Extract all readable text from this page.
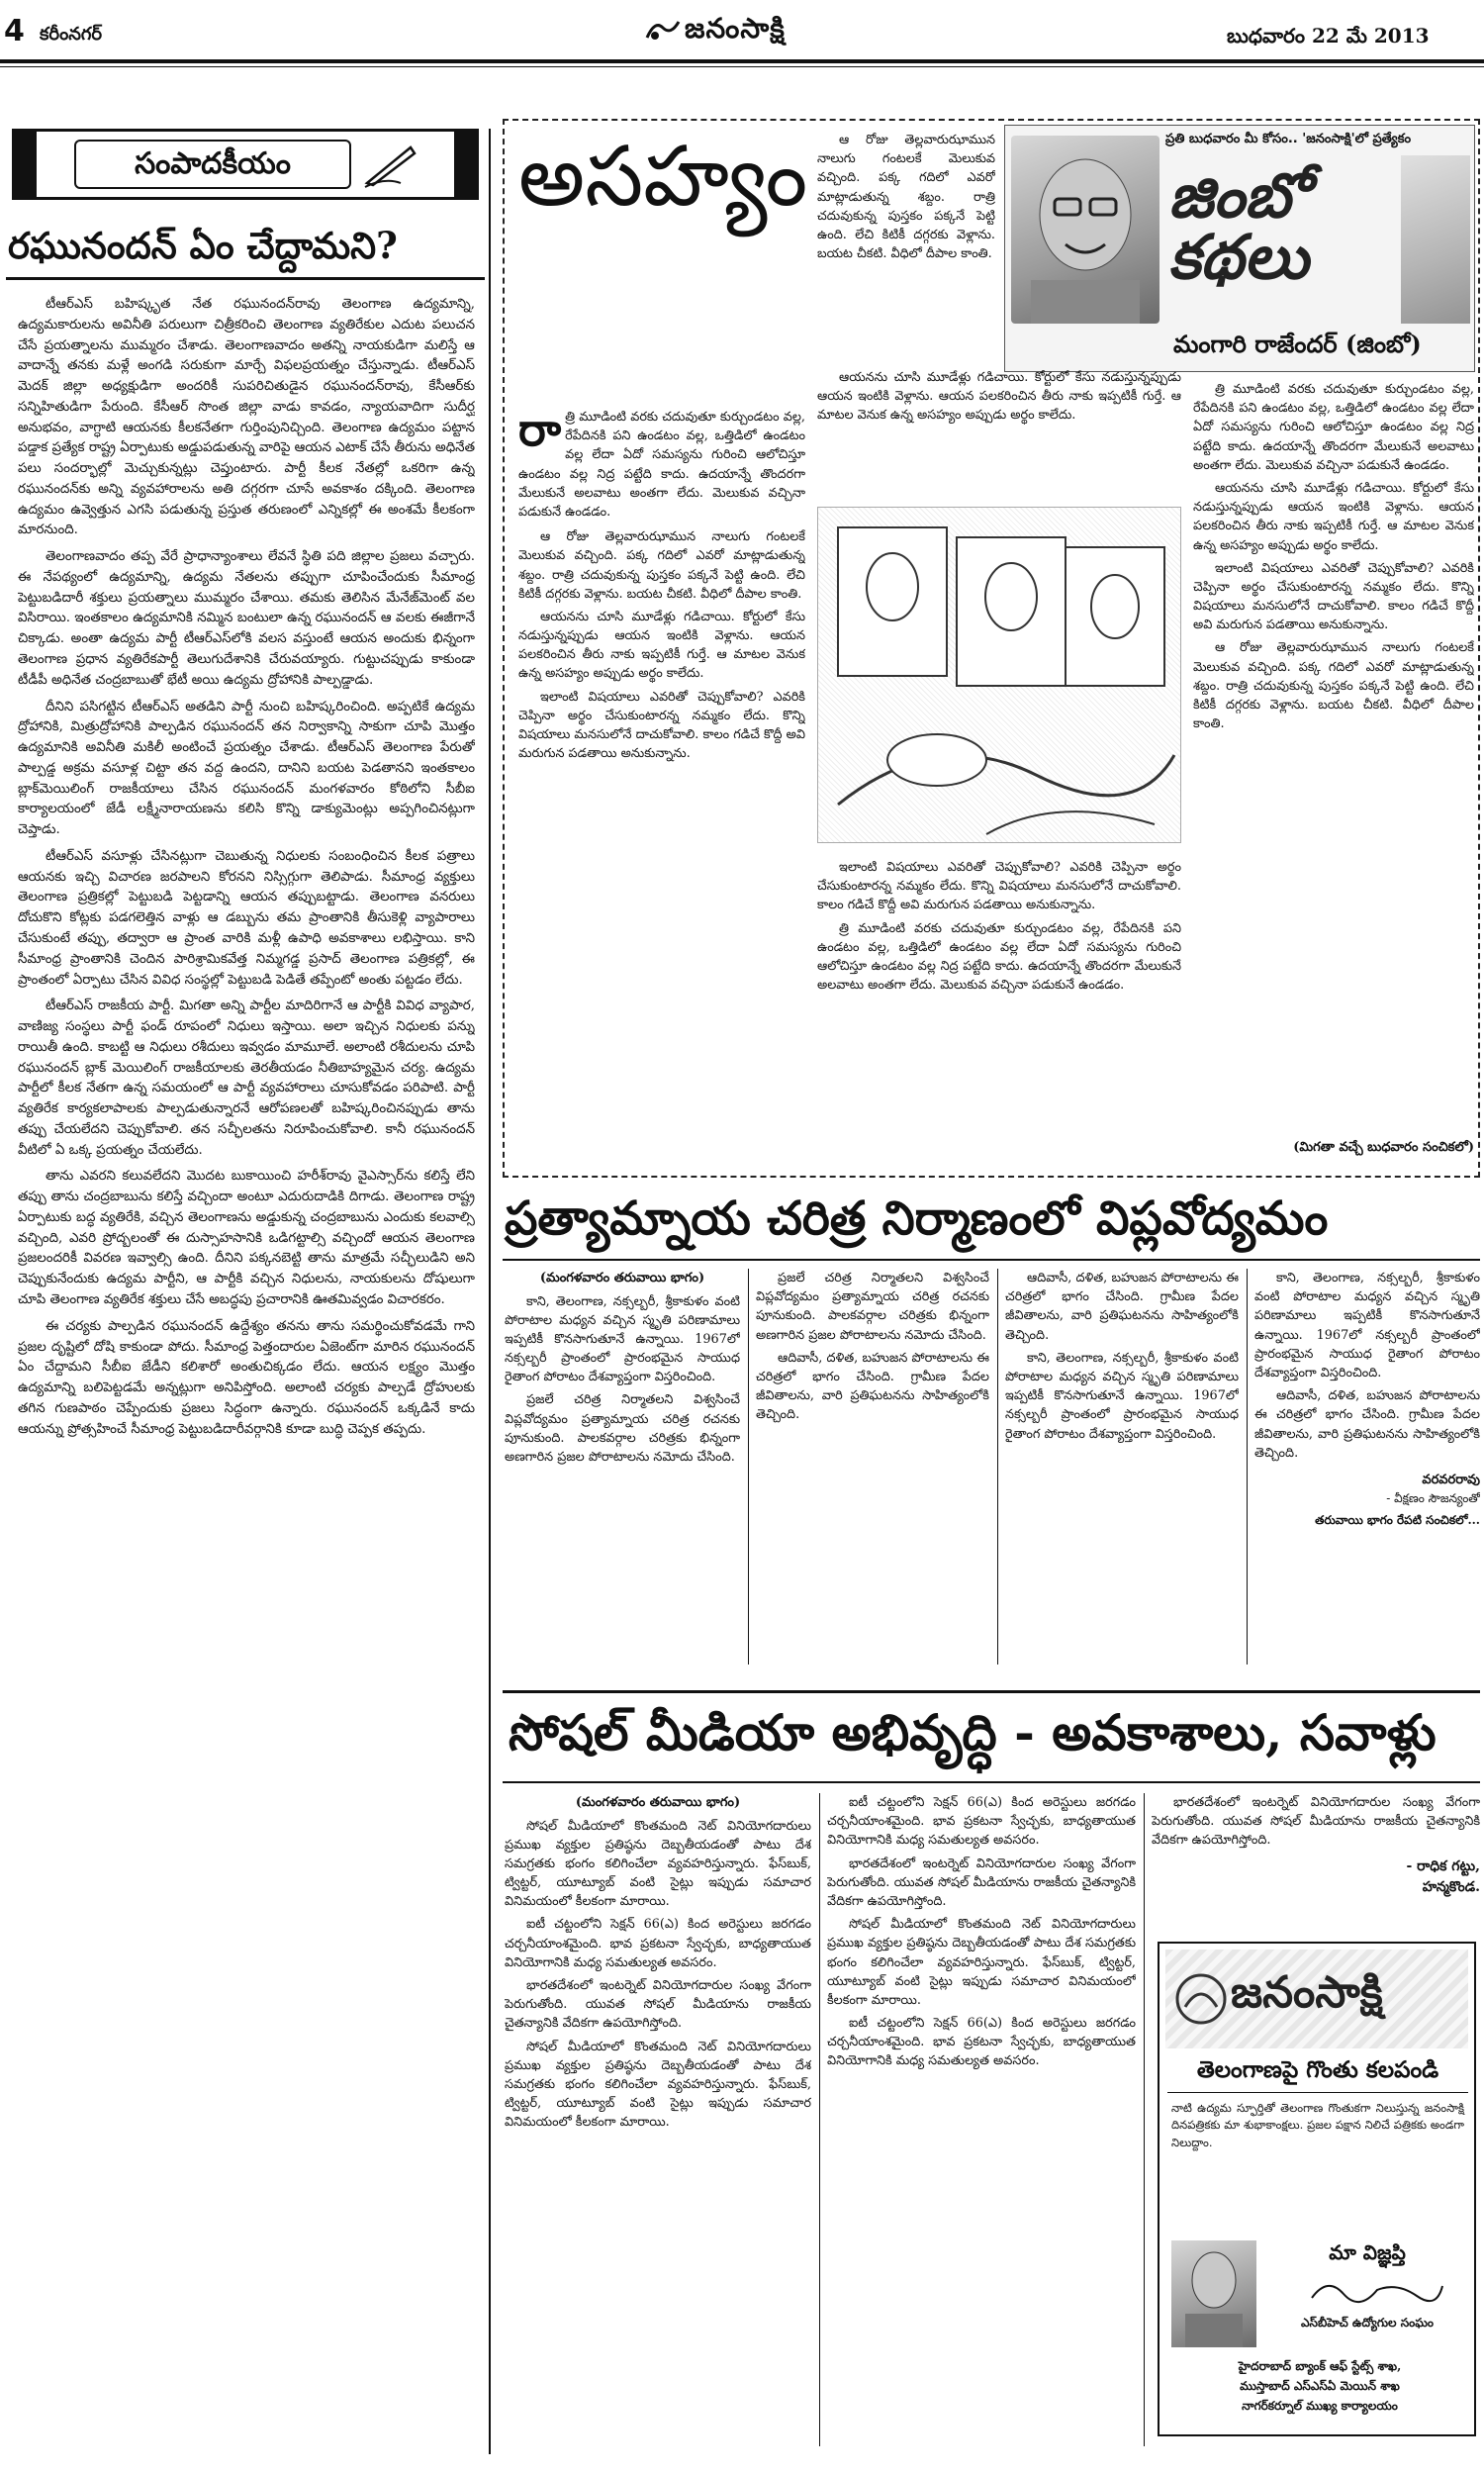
4 కరీంనగర్	జనంసాక్షి	బుధవారం 22 మే 2013
సంపాదకీయం
రఘునందన్‌ ఏం చేద్దామని?

టీఆర్‌ఎస్‌ బహిష్కృత నేత రఘునందన్‌రావు తెలంగాణ ఉద్యమాన్ని, ఉద్యమకారులను అవినీతి పరులుగా చిత్రీకరించి తెలంగాణ వ్యతిరేకుల ఎదుట పలుచన చేసే ప్రయత్నాలను ముమ్మరం చేశాడు. తెలంగాణవాదం అతన్ని నాయకుడిగా మలిస్తే ఆ వాదాన్నే తనకు మళ్లే అంగడి సరుకుగా మార్చే విఫలప్రయత్నం చేస్తున్నాడు. టీఆర్‌ఎస్‌ మెదక్‌ జిల్లా అధ్యక్షుడిగా అందరికీ సుపరిచితుడైన రఘునందన్‌రావు, కేసీఆర్‌కు సన్నిహితుడిగా పేరుంది. కేసీఆర్‌ సొంత జిల్లా వాడు కావడం, న్యాయవాదిగా సుదీర్ఘ అనుభవం, వాగ్ధాటి ఆయనకు కీలకనేతగా గుర్తింపునిచ్చింది. తెలంగాణ ఉద్యమం పట్టాన పడ్డాక ప్రత్యేక రాష్ట్ర ఏర్పాటుకు అడ్డుపడుతున్న వారిపై ఆయన ఎటాక్‌ చేసే తీరును అధినేత పలు సందర్భాల్లో మెచ్చుకున్నట్లు చెప్తుంటారు. పార్టీ కీలక నేతల్లో ఒకరిగా ఉన్న రఘునందన్‌కు అన్ని వ్యవహారాలను అతి దగ్గరగా చూసే అవకాశం దక్కింది. తెలంగాణ ఉద్యమం ఉవ్వెత్తున ఎగసి పడుతున్న ప్రస్తుత తరుణంలో ఎన్నికల్లో ఈ అంశమే కీలకంగా మారనుంది.

తెలంగాణవాదం తప్ప వేరే ప్రాధాన్యాంశాలు లేవనే స్థితి పది జిల్లాల ప్రజలు వచ్చారు. ఈ నేపథ్యంలో ఉద్యమాన్ని, ఉద్యమ నేతలను తప్పుగా చూపించేందుకు సీమాంధ్ర పెట్టుబడిదారీ శక్తులు ప్రయత్నాలు ముమ్మరం చేశాయి. తమకు తెలిసిన మేనేజ్‌మెంట్‌ వల విసిరాయి. ఇంతకాలం ఉద్యమానికి నమ్మిన బంటులా ఉన్న రఘునందన్‌ ఆ వలకు ఈజీగానే చిక్కాడు. అంతా ఉద్యమ పార్టీ టీఆర్‌ఎస్‌లోకి వలస వస్తుంటే ఆయన అందుకు భిన్నంగా తెలంగాణ ప్రధాన వ్యతిరేకపార్టీ తెలుగుదేశానికి చేరువయ్యారు. గుట్టుచప్పుడు కాకుండా టీడీపీ అధినేత చంద్రబాబుతో భేటీ అయి ఉద్యమ ద్రోహానికి పాల్పడ్డాడు.

దీనిని పసిగట్టిన టీఆర్‌ఎస్‌ అతడిని పార్టీ నుంచి బహిష్కరించింది. అప్పటికే ఉద్యమ ద్రోహానికి, మిత్రుద్రోహానికి పాల్పడిన రఘునందన్‌ తన నిర్వాకాన్ని సాకుగా చూపి మొత్తం ఉద్యమానికి అవినీతి మకిలీ అంటించే ప్రయత్నం చేశాడు. టీఆర్‌ఎస్‌ తెలంగాణ పేరుతో పాల్పడ్డ అక్రమ వసూళ్ల చిట్టా తన వద్ద ఉందని, దానిని బయట పెడతానని ఇంతకాలం బ్లాక్‌మెయిలింగ్‌ రాజకీయాలు చేసిన రఘునందన్‌ మంగళవారం కోఠిలోని సీబీఐ కార్యాలయంలో జేడీ లక్ష్మీనారాయణను కలిసి కొన్ని డాక్యుమెంట్లు అప్పగించినట్లుగా చెప్తాడు.

టీఆర్‌ఎస్‌ వసూళ్లు చేసినట్లుగా చెబుతున్న నిధులకు సంబంధించిన కీలక పత్రాలు ఆయనకు ఇచ్చి విచారణ జరపాలని కోరనని నిస్సిగ్గుగా తెలిపాడు. సీమాంధ్ర వ్యక్తులు తెలంగాణ ప్రత్రికల్లో పెట్టుబడి పెట్టడాన్ని ఆయన తప్పుబట్టాడు. తెలంగాణ వనరులు దోచుకొని కోట్లకు పడగలెత్తిన వాళ్లు ఆ డబ్బును తమ ప్రాంతానికి తీసుకెళ్లి వ్యాపారాలు చేసుకుంటే తప్పు, తద్వారా ఆ ప్రాంత వారికి మళ్లీ ఉపాధి అవకాశాలు లభిస్తాయి. కాని సీమాంధ్ర ప్రాంతానికి చెందిన పారిశ్రామికవేత్త నిమ్మగడ్డ ప్రసాద్‌ తెలంగాణ పత్రికల్లో, ఈ ప్రాంతంలో ఏర్పాటు చేసిన వివిధ సంస్థల్లో పెట్టుబడి పెడితే తప్పేంటో అంతు పట్టడం లేదు.

టీఆర్‌ఎస్‌ రాజకీయ పార్టీ. మిగతా అన్ని పార్టీల మాదిరిగానే ఆ పార్టీకి వివిధ వ్యాపార, వాణిజ్య సంస్థలు పార్టీ ఫండ్‌ రూపంలో నిధులు ఇస్తాయి. అలా ఇచ్చిన నిధులకు పన్ను రాయితీ ఉంది. కాబట్టి ఆ నిధులు రశీదులు ఇవ్వడం మామూలే. అలాంటి రశీదులను చూపి రఘునందన్‌ బ్లాక్‌ మెయిలింగ్‌ రాజకీయాలకు తెరతీయడం నీతిబాహ్యమైన చర్య. ఉద్యమ పార్టీలో కీలక నేతగా ఉన్న సమయంలో ఆ పార్టీ వ్యవహారాలు చూసుకోవడం పరిపాటి. పార్టీ వ్యతిరేక కార్యకలాపాలకు పాల్పడుతున్నారనే ఆరోపణలతో బహిష్కరించినప్పుడు తాను తప్పు చేయలేదని చెప్పుకోవాలి. తన సచ్ఛీలతను నిరూపించుకోవాలి. కానీ రఘునందన్‌ వీటిలో ఏ ఒక్క ప్రయత్నం చేయలేదు.

తాను ఎవరని కలువలేదని మొదట బుకాయించి హరీశ్‌రావు వైఎస్సార్‌ను కలిస్తే లేని తప్పు తాను చంద్రబాబును కలిస్తే వచ్చిందా అంటూ ఎదురుదాడికి దిగాడు. తెలంగాణ రాష్ట్ర ఏర్పాటుకు బద్ధ వ్యతిరేకి, వచ్చిన తెలంగాణను అడ్డుకున్న చంద్రబాబును ఎందుకు కలవాల్సి వచ్చింది, ఎవరి ప్రోద్బలంతో ఈ దుస్సాహసానికి ఒడిగట్టాల్సి వచ్చిందో ఆయన తెలంగాణ ప్రజలందరికీ వివరణ ఇవ్వాల్సి ఉంది. దీనిని పక్కనబెట్టి తాను మాత్రమే సచ్ఛీలుడిని అని చెప్పుకునేందుకు ఉద్యమ పార్టీని, ఆ పార్టీకి వచ్చిన నిధులను, నాయకులను దోషులుగా చూపి తెలంగాణ వ్యతిరేక శక్తులు చేసే అబద్ధపు ప్రచారానికి ఊతమివ్వడం విచారకరం.

ఈ చర్యకు పాల్పడిన రఘునందన్‌ ఉద్దేశ్యం తనను తాను సమర్థించుకోవడమే గాని ప్రజల దృష్టిలో దోషి కాకుండా పోదు. సీమాంధ్ర పెత్తందారుల ఏజెంట్‌గా మారిన రఘునందన్‌ ఏం చేద్దామని సీబీఐ జేడీని కలిశారో అంతుచిక్కడం లేదు. ఆయన లక్ష్యం మొత్తం ఉద్యమాన్ని బలిపెట్టడమే అన్నట్లుగా అనిపిస్తోంది. అలాంటి చర్యకు పాల్పడే ద్రోహులకు తగిన గుణపాఠం చెప్పేందుకు ప్రజలు సిద్ధంగా ఉన్నారు. రఘునందన్‌ ఒక్కడినే కాదు ఆయన్ను ప్రోత్సహించే సీమాంధ్ర పెట్టుబడిదారీవర్గానికి కూడా బుద్ధి చెప్పక తప్పదు.

అసహ్యం	ప్రతి బుధవారం మీ కోసం.. 'జనంసాక్షి'లో ప్రత్యేకం
జింబో కథలు
మంగారి రాజేందర్‌ (జింబో)
రా త్రి మూడింటి వరకు చదువుతూ కుర్చుండటం వల్ల, రేపేదినకి పని ఉండటం వల్ల, ఒత్తిడిలో ఉండటం వల్ల లేదా ఏదో సమస్యను గురించి ఆలోచిస్తూ ఉండటం వల్ల నిద్ర పట్టేది కాదు. ఉదయాన్నే తొందరగా మేలుకునే అలవాటు అంతగా లేదు. మెలుకువ వచ్చినా పడుకునే ఉండడం.

ఆ రోజు తెల్లవారుఝామున నాలుగు గంటలకే మెలుకువ వచ్చింది. పక్క గదిలో ఎవరో మాట్లాడుతున్న శబ్దం. రాత్రి చదువుకున్న పుస్తకం పక్కనే పెట్టి ఉంది. లేచి కిటికీ దగ్గరకు వెళ్లాను. బయట చీకటి. వీధిలో దీపాల కాంతి.

ఆయనను చూసి మూడేళ్లు గడిచాయి. కోర్టులో కేసు నడుస్తున్నప్పుడు ఆయన ఇంటికి వెళ్లాను. ఆయన పలకరించిన తీరు నాకు ఇప్పటికీ గుర్తే. ఆ మాటల వెనుక ఉన్న అసహ్యం అప్పుడు అర్థం కాలేదు.

ఇలాంటి విషయాలు ఎవరితో చెప్పుకోవాలి? ఎవరికి చెప్పినా అర్థం చేసుకుంటారన్న నమ్మకం లేదు. కొన్ని విషయాలు మనసులోనే దాచుకోవాలి. కాలం గడిచే కొద్దీ అవి మరుగున పడతాయి అనుకున్నాను.

ఆ రోజు తెల్లవారుఝామున నాలుగు గంటలకే మెలుకువ వచ్చింది. పక్క గదిలో ఎవరో మాట్లాడుతున్న శబ్దం. రాత్రి చదువుకున్న పుస్తకం పక్కనే పెట్టి ఉంది. లేచి కిటికీ దగ్గరకు వెళ్లాను. బయట చీకటి. వీధిలో దీపాల కాంతి.

ఆయనను చూసి మూడేళ్లు గడిచాయి. కోర్టులో కేసు నడుస్తున్నప్పుడు ఆయన ఇంటికి వెళ్లాను. ఆయన పలకరించిన తీరు నాకు ఇప్పటికీ గుర్తే. ఆ మాటల వెనుక ఉన్న అసహ్యం అప్పుడు అర్థం కాలేదు.

ఇలాంటి విషయాలు ఎవరితో చెప్పుకోవాలి? ఎవరికి చెప్పినా అర్థం చేసుకుంటారన్న నమ్మకం లేదు. కొన్ని విషయాలు మనసులోనే దాచుకోవాలి. కాలం గడిచే కొద్దీ అవి మరుగున పడతాయి అనుకున్నాను.

త్రి మూడింటి వరకు చదువుతూ కుర్చుండటం వల్ల, రేపేదినకి పని ఉండటం వల్ల, ఒత్తిడిలో ఉండటం వల్ల లేదా ఏదో సమస్యను గురించి ఆలోచిస్తూ ఉండటం వల్ల నిద్ర పట్టేది కాదు. ఉదయాన్నే తొందరగా మేలుకునే అలవాటు అంతగా లేదు. మెలుకువ వచ్చినా పడుకునే ఉండడం.

త్రి మూడింటి వరకు చదువుతూ కుర్చుండటం వల్ల, రేపేదినకి పని ఉండటం వల్ల, ఒత్తిడిలో ఉండటం వల్ల లేదా ఏదో సమస్యను గురించి ఆలోచిస్తూ ఉండటం వల్ల నిద్ర పట్టేది కాదు. ఉదయాన్నే తొందరగా మేలుకునే అలవాటు అంతగా లేదు. మెలుకువ వచ్చినా పడుకునే ఉండడం.

ఆయనను చూసి మూడేళ్లు గడిచాయి. కోర్టులో కేసు నడుస్తున్నప్పుడు ఆయన ఇంటికి వెళ్లాను. ఆయన పలకరించిన తీరు నాకు ఇప్పటికీ గుర్తే. ఆ మాటల వెనుక ఉన్న అసహ్యం అప్పుడు అర్థం కాలేదు.

ఇలాంటి విషయాలు ఎవరితో చెప్పుకోవాలి? ఎవరికి చెప్పినా అర్థం చేసుకుంటారన్న నమ్మకం లేదు. కొన్ని విషయాలు మనసులోనే దాచుకోవాలి. కాలం గడిచే కొద్దీ అవి మరుగున పడతాయి అనుకున్నాను.

ఆ రోజు తెల్లవారుఝామున నాలుగు గంటలకే మెలుకువ వచ్చింది. పక్క గదిలో ఎవరో మాట్లాడుతున్న శబ్దం. రాత్రి చదువుకున్న పుస్తకం పక్కనే పెట్టి ఉంది. లేచి కిటికీ దగ్గరకు వెళ్లాను. బయట చీకటి. వీధిలో దీపాల కాంతి.

(మిగతా వచ్చే బుధవారం సంచికలో)
ప్రత్యామ్నాయ చరిత్ర నిర్మాణంలో విప్లవోద్యమం
(మంగళవారం తరువాయి భాగం)

కాని, తెలంగాణ, నక్సల్బరీ, శ్రీకాకుళం వంటి పోరాటాల మధ్యన వచ్చిన స్మృతి పరిణామాలు ఇప్పటికీ కొనసాగుతూనే ఉన్నాయి. 1967లో నక్సల్బరీ ప్రాంతంలో ప్రారంభమైన సాయుధ రైతాంగ పోరాటం దేశవ్యాప్తంగా విస్తరించింది.

ప్రజలే చరిత్ర నిర్మాతలని విశ్వసించే విప్లవోద్యమం ప్రత్యామ్నాయ చరిత్ర రచనకు పూనుకుంది. పాలకవర్గాల చరిత్రకు భిన్నంగా అణగారిన ప్రజల పోరాటాలను నమోదు చేసింది.

ప్రజలే చరిత్ర నిర్మాతలని విశ్వసించే విప్లవోద్యమం ప్రత్యామ్నాయ చరిత్ర రచనకు పూనుకుంది. పాలకవర్గాల చరిత్రకు భిన్నంగా అణగారిన ప్రజల పోరాటాలను నమోదు చేసింది.

ఆదివాసీ, దళిత, బహుజన పోరాటాలను ఈ చరిత్రలో భాగం చేసింది. గ్రామీణ పేదల జీవితాలను, వారి ప్రతిఘటనను సాహిత్యంలోకి తెచ్చింది.

ఆదివాసీ, దళిత, బహుజన పోరాటాలను ఈ చరిత్రలో భాగం చేసింది. గ్రామీణ పేదల జీవితాలను, వారి ప్రతిఘటనను సాహిత్యంలోకి తెచ్చింది.

కాని, తెలంగాణ, నక్సల్బరీ, శ్రీకాకుళం వంటి పోరాటాల మధ్యన వచ్చిన స్మృతి పరిణామాలు ఇప్పటికీ కొనసాగుతూనే ఉన్నాయి. 1967లో నక్సల్బరీ ప్రాంతంలో ప్రారంభమైన సాయుధ రైతాంగ పోరాటం దేశవ్యాప్తంగా విస్తరించింది.

కాని, తెలంగాణ, నక్సల్బరీ, శ్రీకాకుళం వంటి పోరాటాల మధ్యన వచ్చిన స్మృతి పరిణామాలు ఇప్పటికీ కొనసాగుతూనే ఉన్నాయి. 1967లో నక్సల్బరీ ప్రాంతంలో ప్రారంభమైన సాయుధ రైతాంగ పోరాటం దేశవ్యాప్తంగా విస్తరించింది.

ఆదివాసీ, దళిత, బహుజన పోరాటాలను ఈ చరిత్రలో భాగం చేసింది. గ్రామీణ పేదల జీవితాలను, వారి ప్రతిఘటనను సాహిత్యంలోకి తెచ్చింది.

వరవరరావు
- వీక్షణం సౌజన్యంతో
తరువాయి భాగం రేపటి సంచికలో...
సోషల్‌ మీడియా అభివృద్ధి - అవకాశాలు, సవాళ్లు
(మంగళవారం తరువాయి భాగం)

సోషల్‌ మీడియాలో కొంతమంది నెట్‌ వినియోగదారులు ప్రముఖ వ్యక్తుల ప్రతిష్ఠను దెబ్బతీయడంతో పాటు దేశ సమగ్రతకు భంగం కలిగించేలా వ్యవహరిస్తున్నారు. ఫేస్‌బుక్‌, ట్విట్టర్‌, యూట్యూబ్‌ వంటి సైట్లు ఇప్పుడు సమాచార వినిమయంలో కీలకంగా మారాయి.

ఐటీ చట్టంలోని సెక్షన్‌ 66(ఎ) కింద అరెస్టులు జరగడం చర్చనీయాంశమైంది. భావ ప్రకటనా స్వేచ్ఛకు, బాధ్యతాయుత వినియోగానికి మధ్య సమతుల్యత అవసరం.

భారతదేశంలో ఇంటర్నెట్‌ వినియోగదారుల సంఖ్య వేగంగా పెరుగుతోంది. యువత సోషల్‌ మీడియాను రాజకీయ చైతన్యానికి వేదికగా ఉపయోగిస్తోంది.

సోషల్‌ మీడియాలో కొంతమంది నెట్‌ వినియోగదారులు ప్రముఖ వ్యక్తుల ప్రతిష్ఠను దెబ్బతీయడంతో పాటు దేశ సమగ్రతకు భంగం కలిగించేలా వ్యవహరిస్తున్నారు. ఫేస్‌బుక్‌, ట్విట్టర్‌, యూట్యూబ్‌ వంటి సైట్లు ఇప్పుడు సమాచార వినిమయంలో కీలకంగా మారాయి.

ఐటీ చట్టంలోని సెక్షన్‌ 66(ఎ) కింద అరెస్టులు జరగడం చర్చనీయాంశమైంది. భావ ప్రకటనా స్వేచ్ఛకు, బాధ్యతాయుత వినియోగానికి మధ్య సమతుల్యత అవసరం.

భారతదేశంలో ఇంటర్నెట్‌ వినియోగదారుల సంఖ్య వేగంగా పెరుగుతోంది. యువత సోషల్‌ మీడియాను రాజకీయ చైతన్యానికి వేదికగా ఉపయోగిస్తోంది.

సోషల్‌ మీడియాలో కొంతమంది నెట్‌ వినియోగదారులు ప్రముఖ వ్యక్తుల ప్రతిష్ఠను దెబ్బతీయడంతో పాటు దేశ సమగ్రతకు భంగం కలిగించేలా వ్యవహరిస్తున్నారు. ఫేస్‌బుక్‌, ట్విట్టర్‌, యూట్యూబ్‌ వంటి సైట్లు ఇప్పుడు సమాచార వినిమయంలో కీలకంగా మారాయి.

ఐటీ చట్టంలోని సెక్షన్‌ 66(ఎ) కింద అరెస్టులు జరగడం చర్చనీయాంశమైంది. భావ ప్రకటనా స్వేచ్ఛకు, బాధ్యతాయుత వినియోగానికి మధ్య సమతుల్యత అవసరం.

భారతదేశంలో ఇంటర్నెట్‌ వినియోగదారుల సంఖ్య వేగంగా పెరుగుతోంది. యువత సోషల్‌ మీడియాను రాజకీయ చైతన్యానికి వేదికగా ఉపయోగిస్తోంది.

- రాధిక గట్టు,
హన్మకొండ.
జనంసాక్షి
తెలంగాణపై గొంతు కలపండి
నాటి ఉద్యమ స్ఫూర్తితో తెలంగాణ గొంతుకగా నిలుస్తున్న జనంసాక్షి దినపత్రికకు మా శుభాకాంక్షలు. ప్రజల పక్షాన నిలిచే పత్రికకు అండగా నిలుద్దాం.
మా విజ్ఞప్తి
ఎస్‌బీహెచ్‌ ఉద్యోగుల సంఘం
హైదరాబాద్‌ బ్యాంక్‌ ఆఫ్‌ స్టేట్స్‌ శాఖ,
ముస్తాబాద్‌ ఎస్‌ఎస్‌ఏ మెయిన్‌ శాఖ
నాగర్‌కర్నూల్‌ ముఖ్య కార్యాలయం
